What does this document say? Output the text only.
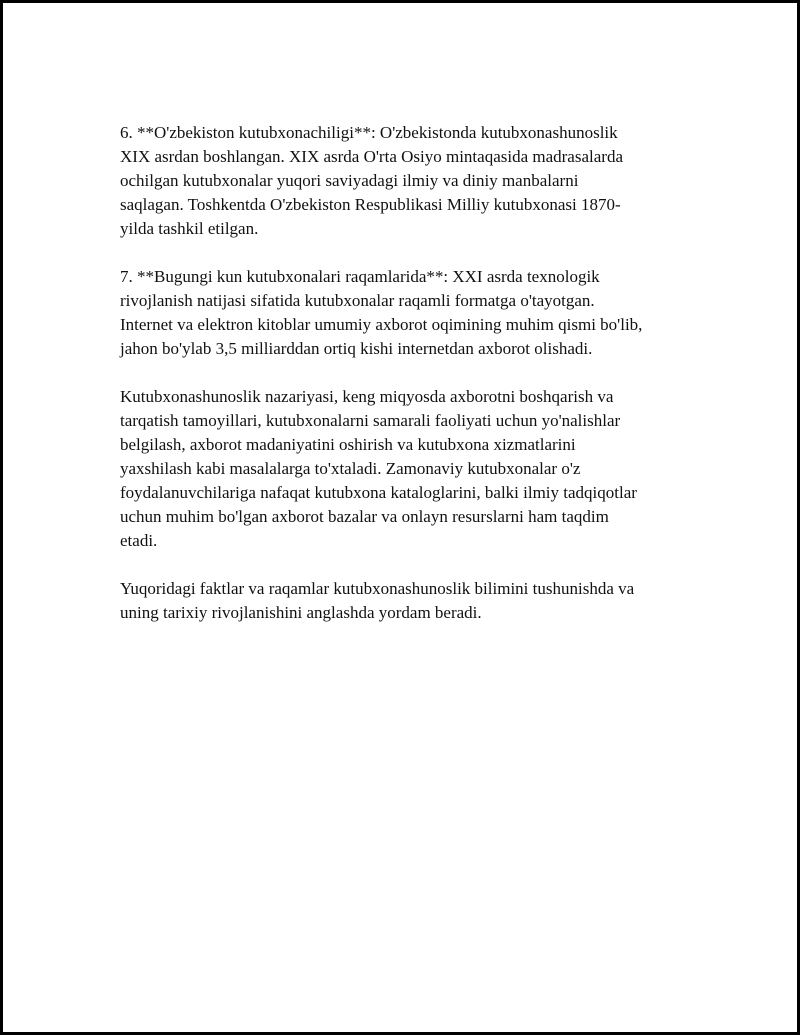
6. **O'zbekiston kutubxonachiligi**: O'zbekistonda kutubxonashunoslik
XIX asrdan boshlangan. XIX asrda O'rta Osiyo mintaqasida madrasalarda
ochilgan kutubxonalar yuqori saviyadagi ilmiy va diniy manbalarni
saqlagan. Toshkentda O'zbekiston Respublikasi Milliy kutubxonasi 1870-
yilda tashkil etilgan.
7. **Bugungi kun kutubxonalari raqamlarida**: XXI asrda texnologik
rivojlanish natijasi sifatida kutubxonalar raqamli formatga o'tayotgan.
Internet va elektron kitoblar umumiy axborot oqimining muhim qismi bo'lib,
jahon bo'ylab 3,5 milliarddan ortiq kishi internetdan axborot olishadi.
Kutubxonashunoslik nazariyasi, keng miqyosda axborotni boshqarish va
tarqatish tamoyillari, kutubxonalarni samarali faoliyati uchun yo'nalishlar
belgilash, axborot madaniyatini oshirish va kutubxona xizmatlarini
yaxshilash kabi masalalarga to'xtaladi. Zamonaviy kutubxonalar o'z
foydalanuvchilariga nafaqat kutubxona kataloglarini, balki ilmiy tadqiqotlar
uchun muhim bo'lgan axborot bazalar va onlayn resurslarni ham taqdim
etadi.
Yuqoridagi faktlar va raqamlar kutubxonashunoslik bilimini tushunishda va
uning tarixiy rivojlanishini anglashda yordam beradi.
